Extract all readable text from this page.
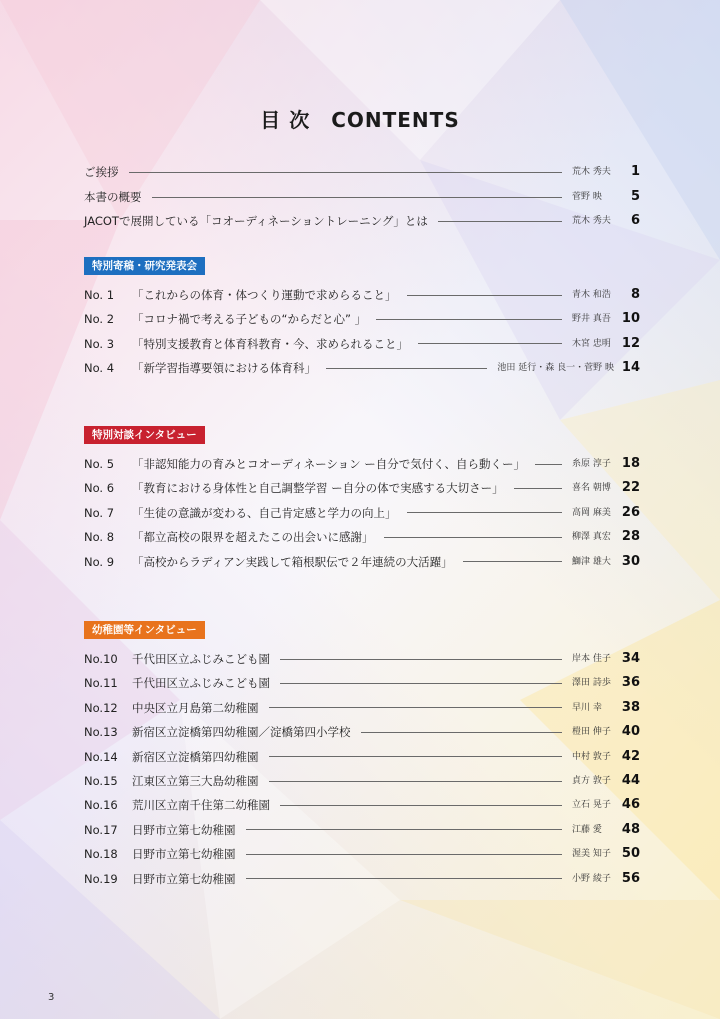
目 次　CONTENTS
ご挨拶	荒木 秀夫	1
本書の概要	菅野 映	5
JACOTで展開している「コオーディネーショントレーニング」とは	荒木 秀夫	6
特別寄稿・研究発表会
No. 1 「これからの体育・体つくり運動で求めらること」	青木 和浩	8
No. 2 「コロナ禍で考える子どもの“からだと心” 」	野井 真吾 10
No. 3 「特別支援教育と体育科教育・今、求められること」	木宮 忠明 12
No. 4 「新学習指導要領における体育科」	池田 延行・森 良一・菅野 映 14
特別対談インタビュー
No. 5 「非認知能力の育みとコオーディネーション ー自分で気付く、自ら動くー」	糸原 淳子 18
No. 6 「教育における身体性と自己調整学習 ー自分の体で実感する大切さー」	喜名 朝博 22
No. 7 「生徒の意識が変わる、自己肯定感と学力の向上」	高岡 麻美 26
No. 8 「都立高校の限界を超えたこの出会いに感謝」	柳澤 真宏 28
No. 9 「高校からラディアン実践して箱根駅伝で２年連続の大活躍」	鰤津 雄大 30
幼稚園等インタビュー
No.10 千代田区立ふじみこども園	岸本 佳子 34
No.11 千代田区立ふじみこども園	澤田 詩歩 36
No.12 中央区立月島第二幼稚園	早川 幸	38
No.13 新宿区立淀橋第四幼稚園／淀橋第四小学校	榿田 伸子 40
No.14 新宿区立淀橋第四幼稚園	中村 敦子 42
No.15 江東区立第三大島幼稚園	貞方 敦子 44
No.16 荒川区立南千住第二幼稚園	立石 晃子 46
No.17 日野市立第七幼稚園	江藤 愛	48
No.18 日野市立第七幼稚園	渥美 知子 50
No.19 日野市立第七幼稚園	小野 綾子 56
3
